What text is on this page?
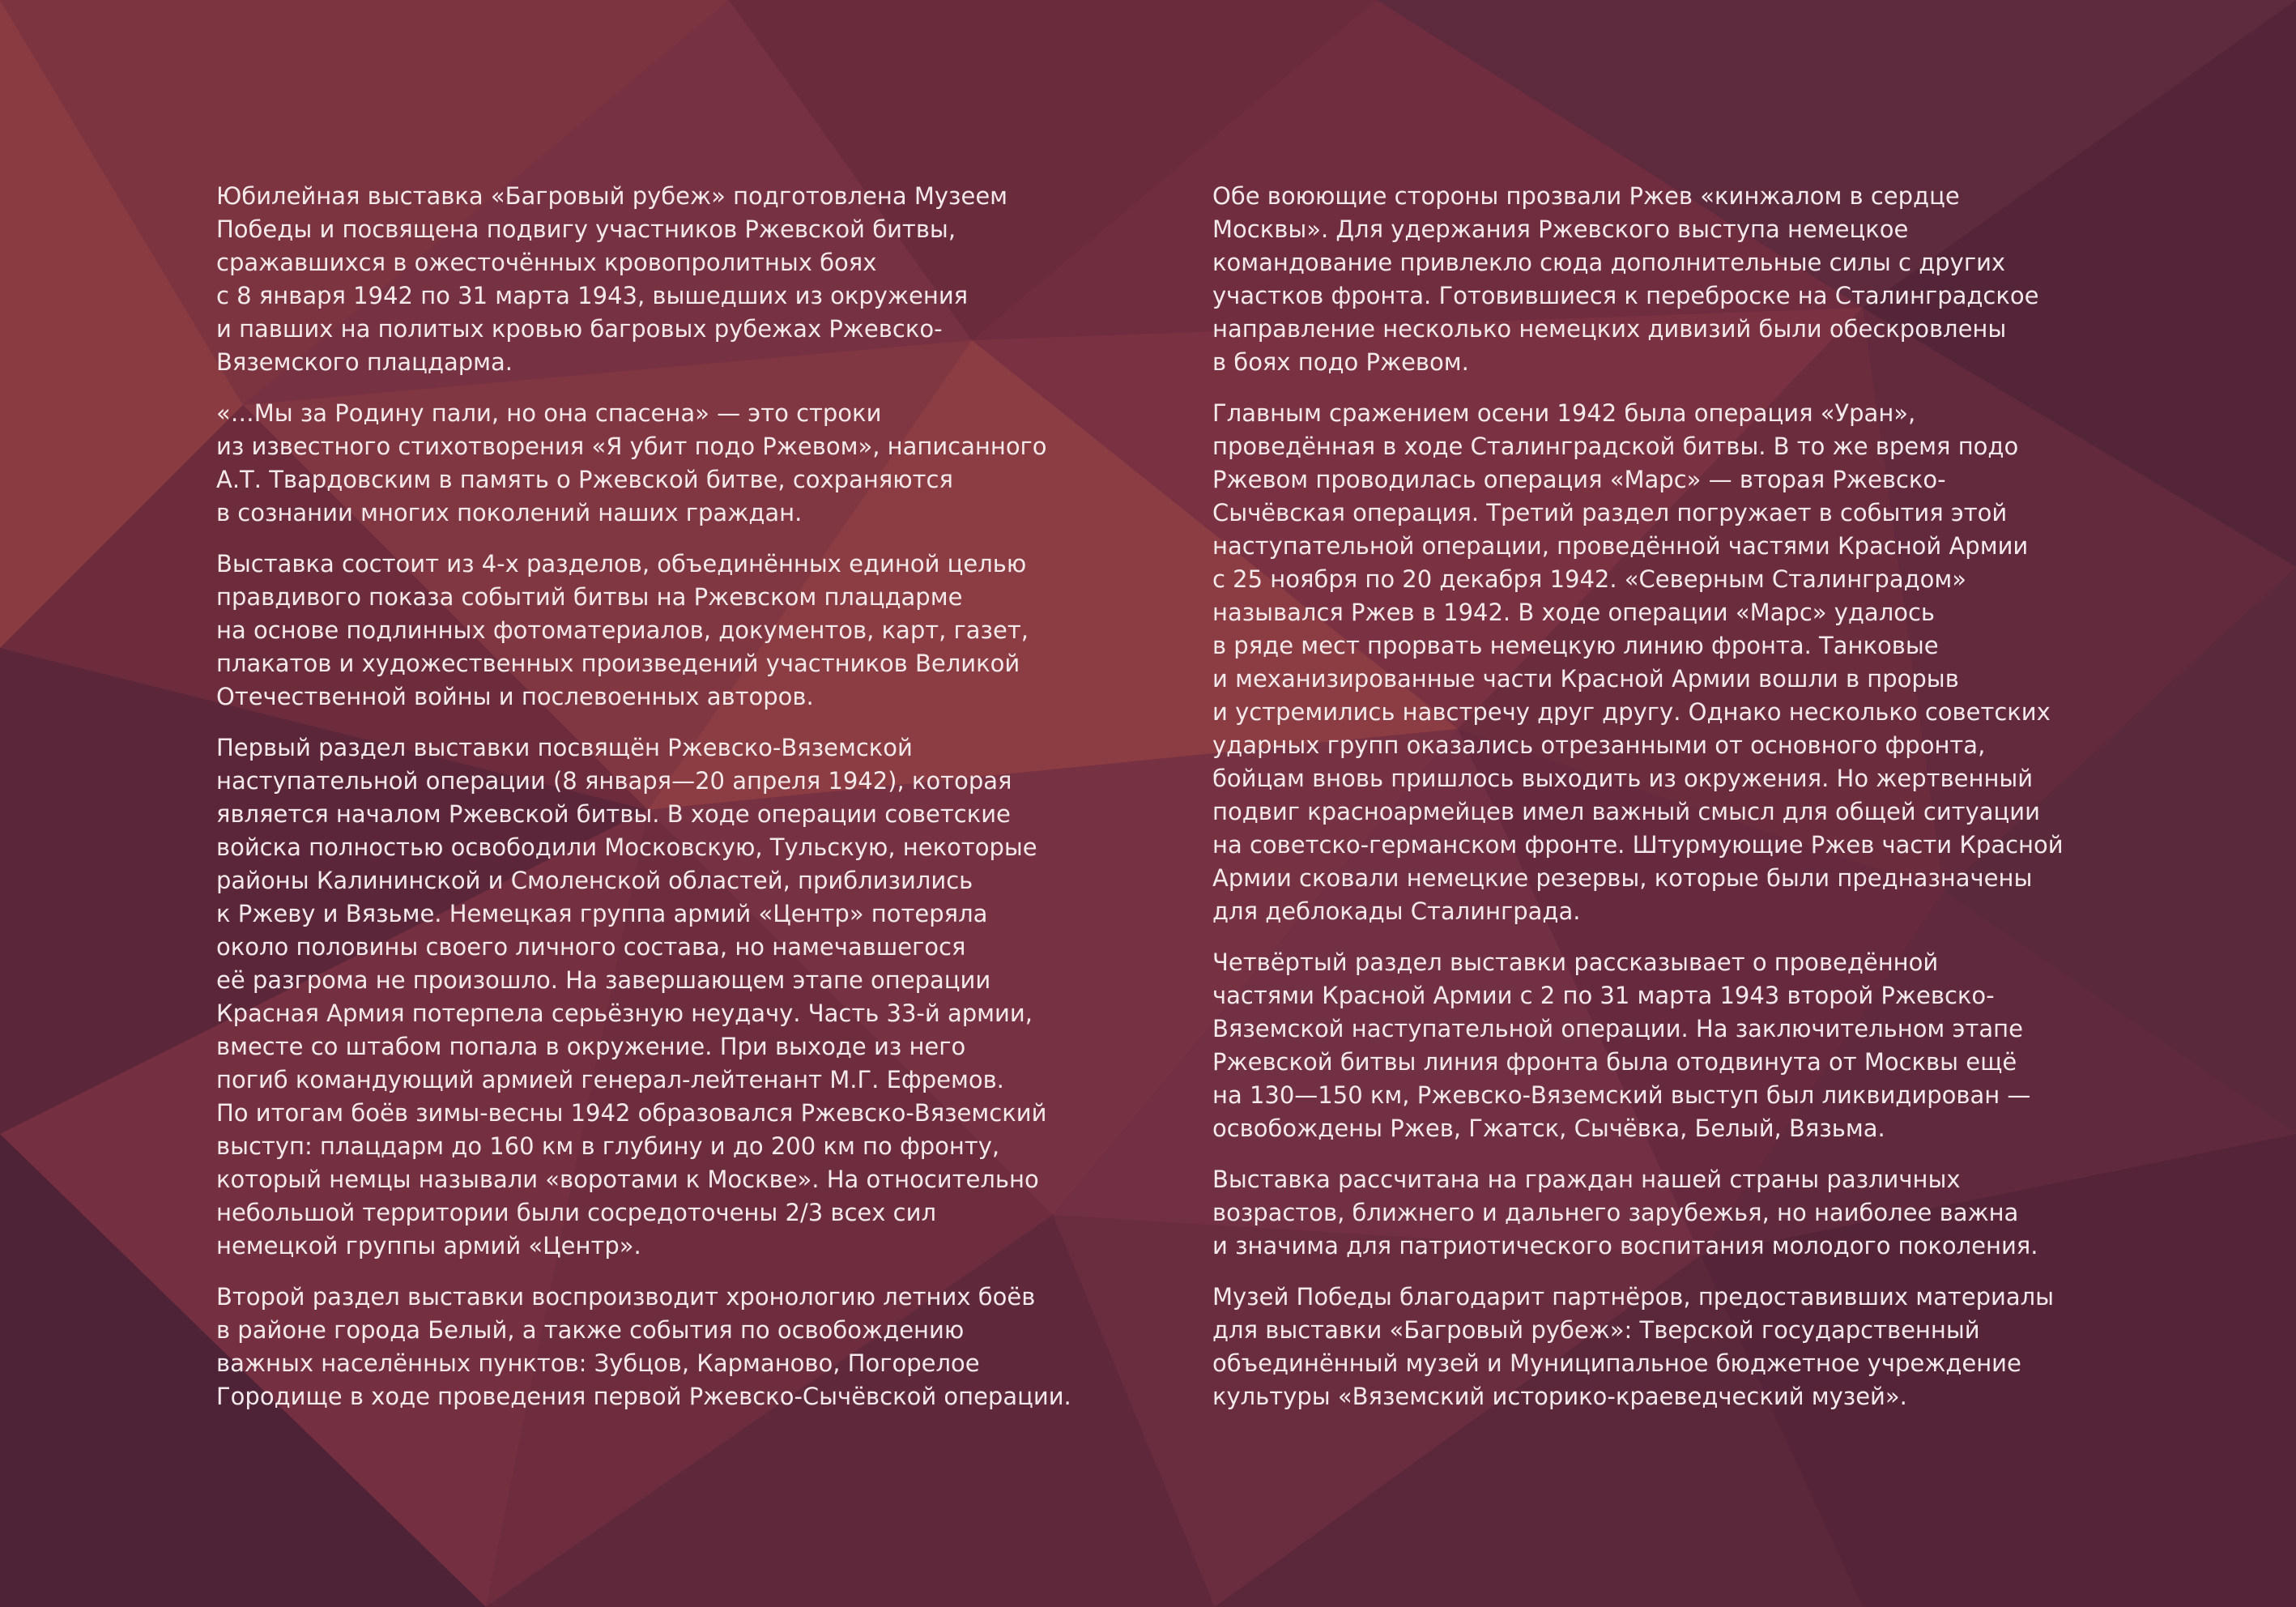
Юбилейная выставка «Багровый рубеж» подготовлена Музеем
Победы и посвящена подвигу участников Ржевской битвы,
сражавшихся в ожесточённых кровопролитных боях
с 8 января 1942 по 31 марта 1943, вышедших из окружения
и павших на политых кровью багровых рубежах Ржевско-
Вяземского плацдарма.

«…Мы за Родину пали, но она спасена» — это строки
из известного стихотворения «Я убит подо Ржевом», написанного
А.Т. Твардовским в память о Ржевской битве, сохраняются
в сознании многих поколений наших граждан.

Выставка состоит из 4-х разделов, объединённых единой целью
правдивого показа событий битвы на Ржевском плацдарме
на основе подлинных фотоматериалов, документов, карт, газет,
плакатов и художественных произведений участников Великой
Отечественной войны и послевоенных авторов.

Первый раздел выставки посвящён Ржевско-Вяземской
наступательной операции (8 января—20 апреля 1942), которая
является началом Ржевской битвы. В ходе операции советские
войска полностью освободили Московскую, Тульскую, некоторые
районы Калининской и Смоленской областей, приблизились
к Ржеву и Вязьме. Немецкая группа армий «Центр» потеряла
около половины своего личного состава, но намечавшегося
её разгрома не произошло. На завершающем этапе операции
Красная Армия потерпела серьёзную неудачу. Часть 33-й армии,
вместе со штабом попала в окружение. При выходе из него
погиб командующий армией генерал-лейтенант М.Г. Ефремов.
По итогам боёв зимы-весны 1942 образовался Ржевско-Вяземский
выступ: плацдарм до 160 км в глубину и до 200 км по фронту,
который немцы называли «воротами к Москве». На относительно
небольшой территории были сосредоточены 2/3 всех сил
немецкой группы армий «Центр».

Второй раздел выставки воспроизводит хронологию летних боёв
в районе города Белый, а также события по освобождению
важных населённых пунктов: Зубцов, Карманово, Погорелое
Городище в ходе проведения первой Ржевско-Сычёвской операции.

Обе воюющие стороны прозвали Ржев «кинжалом в сердце
Москвы». Для удержания Ржевского выступа немецкое
командование привлекло сюда дополнительные силы с других
участков фронта. Готовившиеся к переброске на Сталинградское
направление несколько немецких дивизий были обескровлены
в боях подо Ржевом.

Главным сражением осени 1942 была операция «Уран»,
проведённая в ходе Сталинградской битвы. В то же время подо
Ржевом проводилась операция «Марс» — вторая Ржевско-
Сычёвская операция. Третий раздел погружает в события этой
наступательной операции, проведённой частями Красной Армии
с 25 ноября по 20 декабря 1942. «Северным Сталинградом»
назывался Ржев в 1942. В ходе операции «Марс» удалось
в ряде мест прорвать немецкую линию фронта. Танковые
и механизированные части Красной Армии вошли в прорыв
и устремились навстречу друг другу. Однако несколько советских
ударных групп оказались отрезанными от основного фронта,
бойцам вновь пришлось выходить из окружения. Но жертвенный
подвиг красноармейцев имел важный смысл для общей ситуации
на советско-германском фронте. Штурмующие Ржев части Красной
Армии сковали немецкие резервы, которые были предназначены
для деблокады Сталинграда.

Четвёртый раздел выставки рассказывает о проведённой
частями Красной Армии с 2 по 31 марта 1943 второй Ржевско-
Вяземской наступательной операции. На заключительном этапе
Ржевской битвы линия фронта была отодвинута от Москвы ещё
на 130—150 км, Ржевско-Вяземский выступ был ликвидирован —
освобождены Ржев, Гжатск, Сычёвка, Белый, Вязьма.

Выставка рассчитана на граждан нашей страны различных
возрастов, ближнего и дальнего зарубежья, но наиболее важна
и значима для патриотического воспитания молодого поколения.

Музей Победы благодарит партнёров, предоставивших материалы
для выставки «Багровый рубеж»: Тверской государственный
объединённый музей и Муниципальное бюджетное учреждение
культуры «Вяземский историко-краеведческий музей».
